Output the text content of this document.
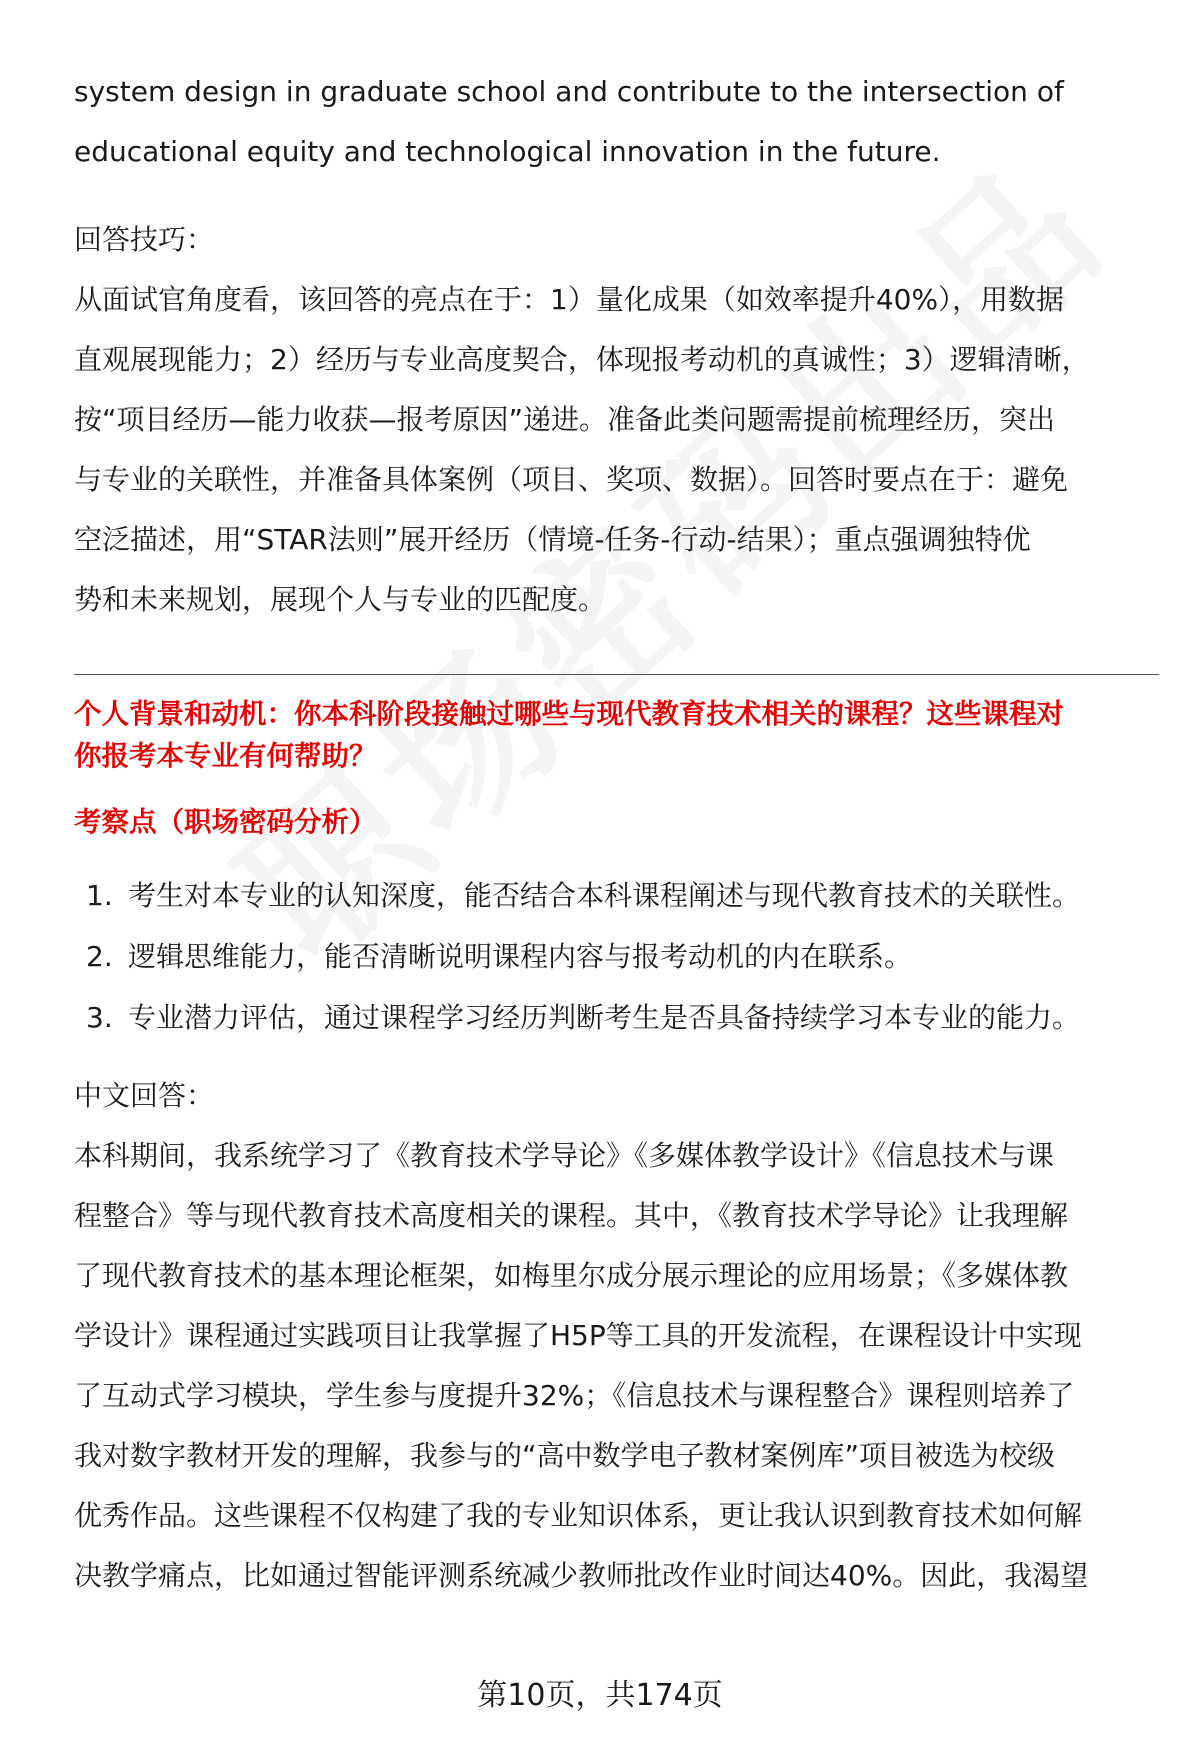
system design in graduate school and contribute to the intersection of

educational equity and technological innovation in the future.

回答技巧：

从面试官角度看，该回答的亮点在于：1）量化成果（如效率提升40%），用数据

直观展现能力；2）经历与专业高度契合，体现报考动机的真诚性；3）逻辑清晰，

按“项目经历—能力收获—报考原因”递进。准备此类问题需提前梳理经历，突出

与专业的关联性，并准备具体案例（项目、奖项、数据）。回答时要点在于：避免

空泛描述，用“STAR法则”展开经历（情境-任务-行动-结果）；重点强调独特优

势和未来规划，展现个人与专业的匹配度。

个人背景和动机：你本科阶段接触过哪些与现代教育技术相关的课程？这些课程对

你报考本专业有何帮助？

考察点（职场密码分析）

1. 考生对本专业的认知深度，能否结合本科课程阐述与现代教育技术的关联性。
2. 逻辑思维能力，能否清晰说明课程内容与报考动机的内在联系。
3. 专业潜力评估，通过课程学习经历判断考生是否具备持续学习本专业的能力。

中文回答：

本科期间，我系统学习了《教育技术学导论》《多媒体教学设计》《信息技术与课

程整合》等与现代教育技术高度相关的课程。其中，《教育技术学导论》让我理解

了现代教育技术的基本理论框架，如梅里尔成分展示理论的应用场景；《多媒体教

学设计》课程通过实践项目让我掌握了H5P等工具的开发流程，在课程设计中实现

了互动式学习模块，学生参与度提升32%；《信息技术与课程整合》课程则培养了

我对数字教材开发的理解，我参与的“高中数学电子教材案例库”项目被选为校级

优秀作品。这些课程不仅构建了我的专业知识体系，更让我认识到教育技术如何解

决教学痛点，比如通过智能评测系统减少教师批改作业时间达40%。因此，我渴望

第10页，共174页
